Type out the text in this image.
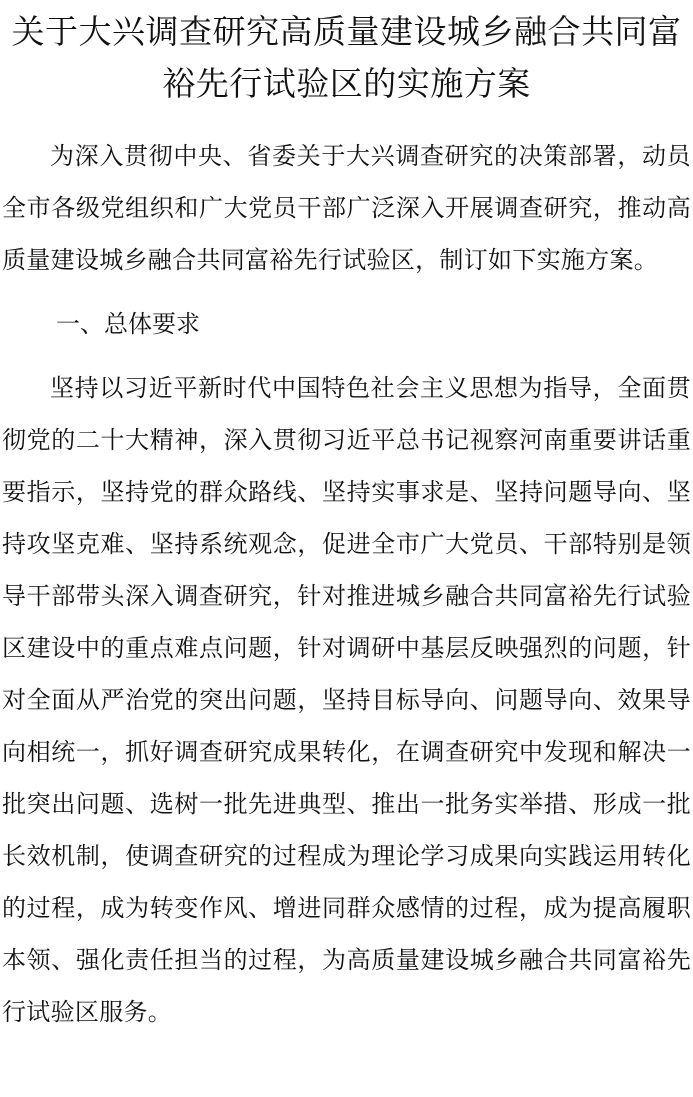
关于大兴调查研究高质量建设城乡融合共同富裕先行试验区的实施方案

为深入贯彻中央、省委关于大兴调查研究的决策部署，动员全市各级党组织和广大党员干部广泛深入开展调查研究，推动高质量建设城乡融合共同富裕先行试验区，制订如下实施方案。

一、总体要求

坚持以习近平新时代中国特色社会主义思想为指导，全面贯彻党的二十大精神，深入贯彻习近平总书记视察河南重要讲话重要指示，坚持党的群众路线、坚持实事求是、坚持问题导向、坚持攻坚克难、坚持系统观念，促进全市广大党员、干部特别是领导干部带头深入调查研究，针对推进城乡融合共同富裕先行试验区建设中的重点难点问题，针对调研中基层反映强烈的问题，针对全面从严治党的突出问题，坚持目标导向、问题导向、效果导向相统一，抓好调查研究成果转化，在调查研究中发现和解决一批突出问题、选树一批先进典型、推出一批务实举措、形成一批长效机制，使调查研究的过程成为理论学习成果向实践运用转化的过程，成为转变作风、增进同群众感情的过程，成为提高履职本领、强化责任担当的过程，为高质量建设城乡融合共同富裕先行试验区服务。
